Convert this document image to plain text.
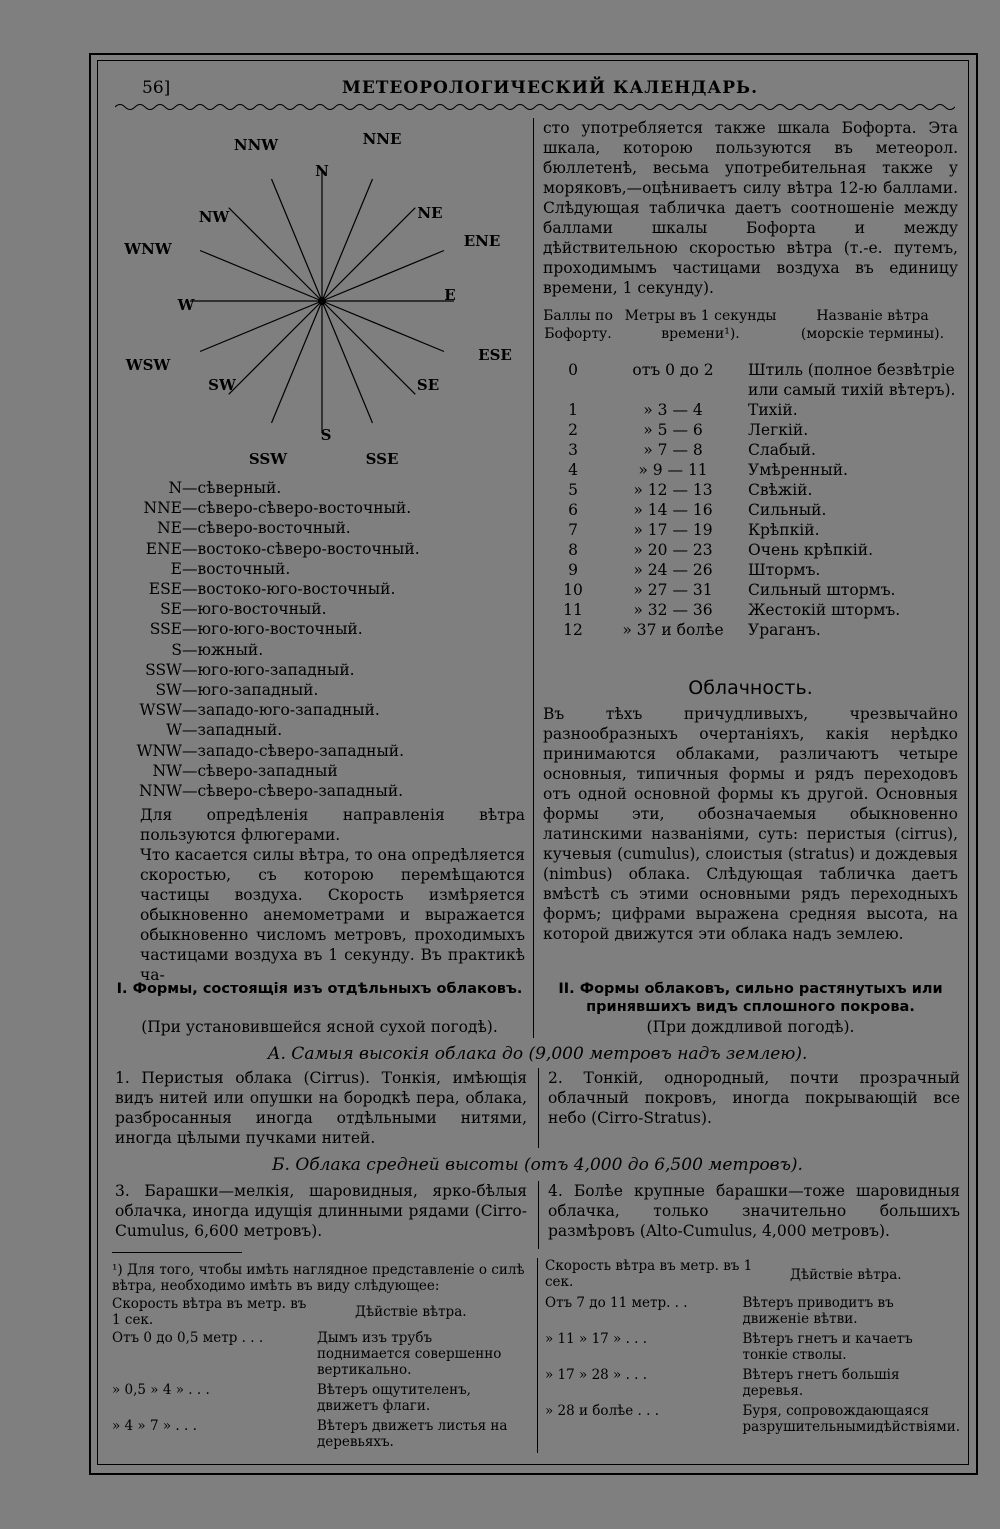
56]	МЕТЕОРОЛОГИЧЕСКИЙ КАЛЕНДАРЬ.
N
NNE
NE
ENE
E
ESE
SE
SSE
S
SSW
SW
WSW
W
WNW
NW
NNW
N—сѣверный.
NNE—сѣверо-сѣверо-восточный.
NE—сѣверо-восточный.
ENE—востоко-сѣверо-восточный.
E—восточный.
ESE—востоко-юго-восточный.
SE—юго-восточный.
SSE—юго-юго-восточный.
S—южный.
SSW—юго-юго-западный.
SW—юго-западный.
WSW—западо-юго-западный.
W—западный.
WNW—западо-сѣверо-западный.
NW—сѣверо-западный
NNW—сѣверо-сѣверо-западный.
Для опредѣленія направленія вѣтра пользуются флюгерами.
Что касается силы вѣтра, то она опредѣляется скоростью, съ которою перемѣщаются частицы воздуха. Скорость измѣряется обыкновенно анемометрами и выражается обыкновенно числомъ метровъ, проходимыхъ частицами воздуха въ 1 секунду. Въ практикѣ ча-
сто употребляется также шкала Бофорта. Эта шкала, которою пользуются въ метеорол. бюллетенѣ, весьма употребительная также у моряковъ,—оцѣниваетъ силу вѣтра 12-ю баллами. Слѣдующая табличка даетъ соотношеніе между баллами шкалы Бофорта и между дѣйствительною скоростью вѣтра (т.-е. путемъ, проходимымъ частицами воздуха въ единицу времени, 1 секунду).
Баллы по Бофорту.
Метры въ 1 секунды времени¹).
Названіе вѣтра (морскіе термины).
0	отъ 0 до 2	Штиль (полное безвѣтріе или самый тихій вѣтеръ).
1	» 3 — 4	Тихій.
2	» 5 — 6	Легкій.
3	» 7 — 8	Слабый.
4	» 9 — 11	Умѣренный.
5	» 12 — 13	Свѣжій.
6	» 14 — 16	Сильный.
7	» 17 — 19	Крѣпкій.
8	» 20 — 23	Очень крѣпкій.
9	» 24 — 26	Штормъ.
10	» 27 — 31	Сильный штормъ.
11	» 32 — 36	Жестокій штормъ.
12	» 37 и болѣе	Ураганъ.
Облачность.
Въ тѣхъ причудливыхъ, чрезвычайно разнообразныхъ очертаніяхъ, какія нерѣдко принимаются облаками, различаютъ четыре основныя, типичныя формы и рядъ переходовъ отъ одной основной формы къ другой. Основныя формы эти, обозначаемыя обыкновенно латинскими названіями, суть: перистыя (cirrus), кучевыя (cumulus), слоистыя (stratus) и дождевыя (nimbus) облака. Слѣдующая табличка даетъ вмѣстѣ съ этими основными рядъ переходныхъ формъ; цифрами выражена средняя высота, на которой движутся эти облака надъ землею.
I. Формы, состоящія изъ отдѣльныхъ облаковъ.
(При установившейся ясной сухой погодѣ).
II. Формы облаковъ, сильно растянутыхъ или принявшихъ видъ сплошного покрова.
(При дождливой погодѣ).
А. Самыя высокія облака до (9,000 метровъ надъ землею).
1. Перистыя облака (Cirrus). Тонкія, имѣющія видъ нитей или опушки на бородкѣ пера, облака, разбросанныя иногда отдѣльными нитями, иногда цѣлыми пучками нитей.
2. Тонкій, однородный, почти прозрачный облачный покровъ, иногда покрывающій все небо (Cirro-Stratus).
Б. Облака средней высоты (отъ 4,000 до 6,500 метровъ).
3. Барашки—мелкія, шаровидныя, ярко-бѣлыя облачка, иногда идущія длинными рядами (Cirro-Cumulus, 6,600 метровъ).
4. Болѣе крупные барашки—тоже шаровидныя облачка, только значительно большихъ размѣровъ (Alto-Cumulus, 4,000 метровъ).
¹) Для того, чтобы имѣть наглядное представленіе о силѣ вѣтра, необходимо имѣть въ виду слѣдующее:
Скорость вѣтра въ метр. въ 1 сек.	Дѣйствіе вѣтра.
Отъ 0 до 0,5 метр . . .	Дымъ изъ трубъ поднимается совершенно вертикально.
» 0,5 » 4 » . . .	Вѣтеръ ощутителенъ, движетъ флаги.
» 4 » 7 » . . .	Вѣтеръ движетъ листья на деревьяхъ.
Скорость вѣтра въ метр. въ 1 сек.	Дѣйствіе вѣтра.
Отъ 7 до 11 метр. . .	Вѣтеръ приводитъ въ движеніе вѣтви.
» 11 » 17 » . . .	Вѣтеръ гнетъ и качаетъ тонкіе стволы.
» 17 » 28 » . . .	Вѣтеръ гнетъ большія деревья.
» 28 и болѣе . . .	Буря, сопровождающаяся разрушительнымидѣйствіями.
